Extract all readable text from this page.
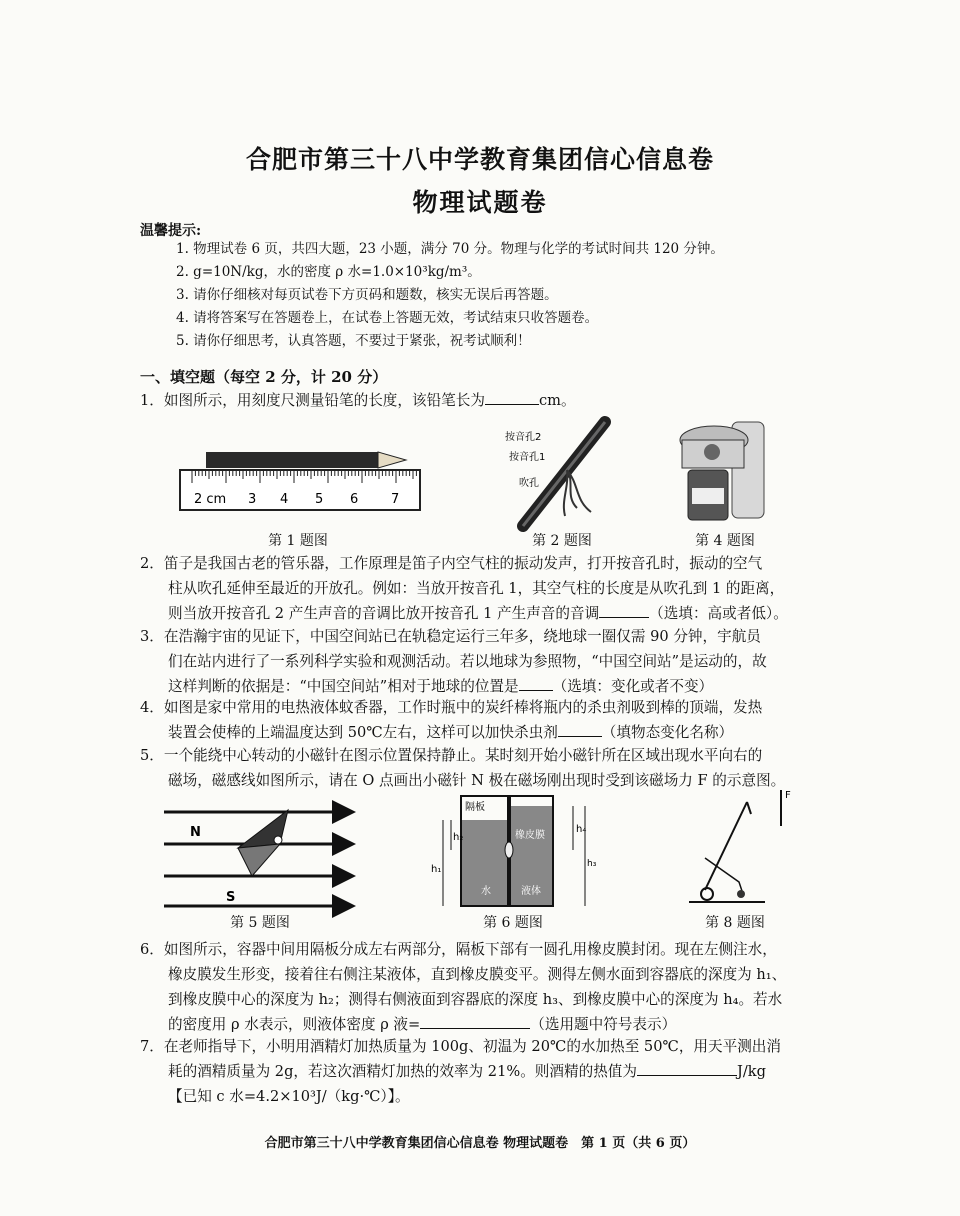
合肥市第三十八中学教育集团信心信息卷
物理试题卷
温馨提示:
1. 物理试卷 6 页，共四大题，23 小题，满分 70 分。物理与化学的考试时间共 120 分钟。
2. g=10N/kg，水的密度 ρ 水=1.0×10³kg/m³。
3. 请你仔细核对每页试卷下方页码和题数，核实无误后再答题。
4. 请将答案写在答题卷上，在试卷上答题无效，考试结束只收答题卷。
5. 请你仔细思考，认真答题，不要过于紧张，祝考试顺利！
一、填空题（每空 2 分，计 20 分）
1．如图所示，用刻度尺测量铅笔的长度，该铅笔长为	cm。
2 cm 3 4 5 6	7
第 1 题图
按音孔2
按音孔1
吹孔
第 2 题图	第 4 题图
2．笛子是我国古老的管乐器，工作原理是笛子内空气柱的振动发声，打开按音孔时，振动的空气
柱从吹孔延伸至最近的开放孔。例如：当放开按音孔 1，其空气柱的长度是从吹孔到 1 的距离，
则当放开按音孔 2 产生声音的音调比放开按音孔 1 产生声音的音调	（选填：高或者低）。
3．在浩瀚宇宙的见证下，中国空间站已在轨稳定运行三年多，绕地球一圈仅需 90 分钟，宇航员
们在站内进行了一系列科学实验和观测活动。若以地球为参照物，“中国空间站”是运动的，故
这样判断的依据是：“中国空间站”相对于地球的位置是 （选填：变化或者不变）
4．如图是家中常用的电热液体蚊香器，工作时瓶中的炭纤棒将瓶内的杀虫剂吸到棒的顶端，发热
装置会使棒的上端温度达到 50℃左右，这样可以加快杀虫剂	（填物态变化名称）
5．一个能绕中心转动的小磁针在图示位置保持静止。某时刻开始小磁针所在区域出现水平向右的
磁场，磁感线如图所示，请在 O 点画出小磁针 N 极在磁场刚出现时受到该磁场力 F 的示意图。
N
S
第 5 题图
隔板
橡皮膜
液体
水
h₁
h₂
h₄
h₃
第 6 题图
F
第 8 题图
6．如图所示，容器中间用隔板分成左右两部分，隔板下部有一圆孔用橡皮膜封闭。现在左侧注水，
橡皮膜发生形变，接着往右侧注某液体，直到橡皮膜变平。测得左侧水面到容器底的深度为 h₁、
到橡皮膜中心的深度为 h₂；测得右侧液面到容器底的深度 h₃、到橡皮膜中心的深度为 h₄。若水
的密度用 ρ 水表示，则液体密度 ρ 液=	（选用题中符号表示）
7．在老师指导下，小明用酒精灯加热质量为 100g、初温为 20℃的水加热至 50℃，用天平测出消
耗的酒精质量为 2g，若这次酒精灯加热的效率为 21%。则酒精的热值为	J/kg
【已知 c 水=4.2×10³J/（kg·℃）】。
合肥市第三十八中学教育集团信心信息卷 物理试题卷　第 1 页（共 6 页）
